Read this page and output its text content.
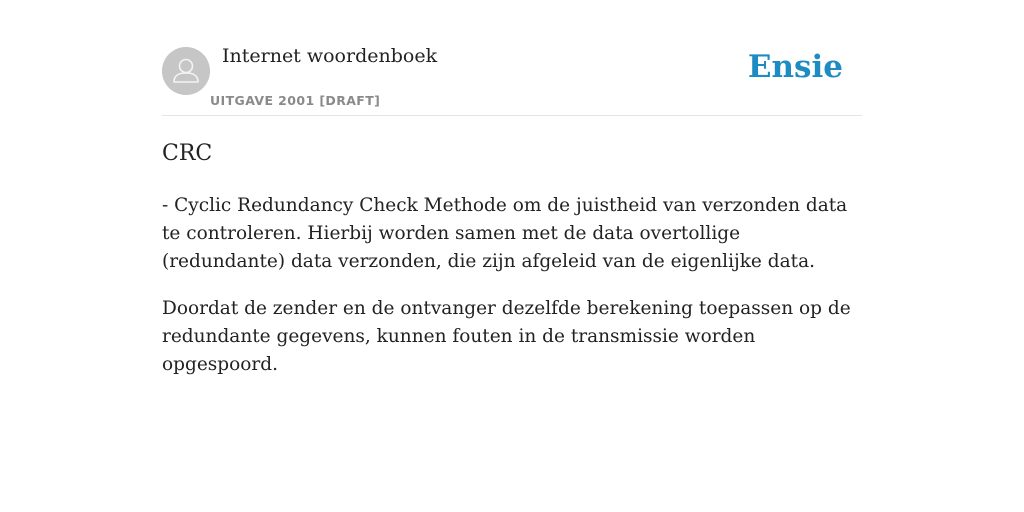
Internet woordenboek
UITGAVE 2001 [DRAFT]
Ensie
CRC

- Cyclic Redundancy Check Methode om de juistheid van verzonden data te controleren. Hierbij worden samen met de data overtollige (redundante) data verzonden, die zijn afgeleid van de eigenlijke data.

Doordat de zender en de ontvanger dezelfde berekening toepassen op de redundante gegevens, kunnen fouten in de transmissie worden opgespoord.
